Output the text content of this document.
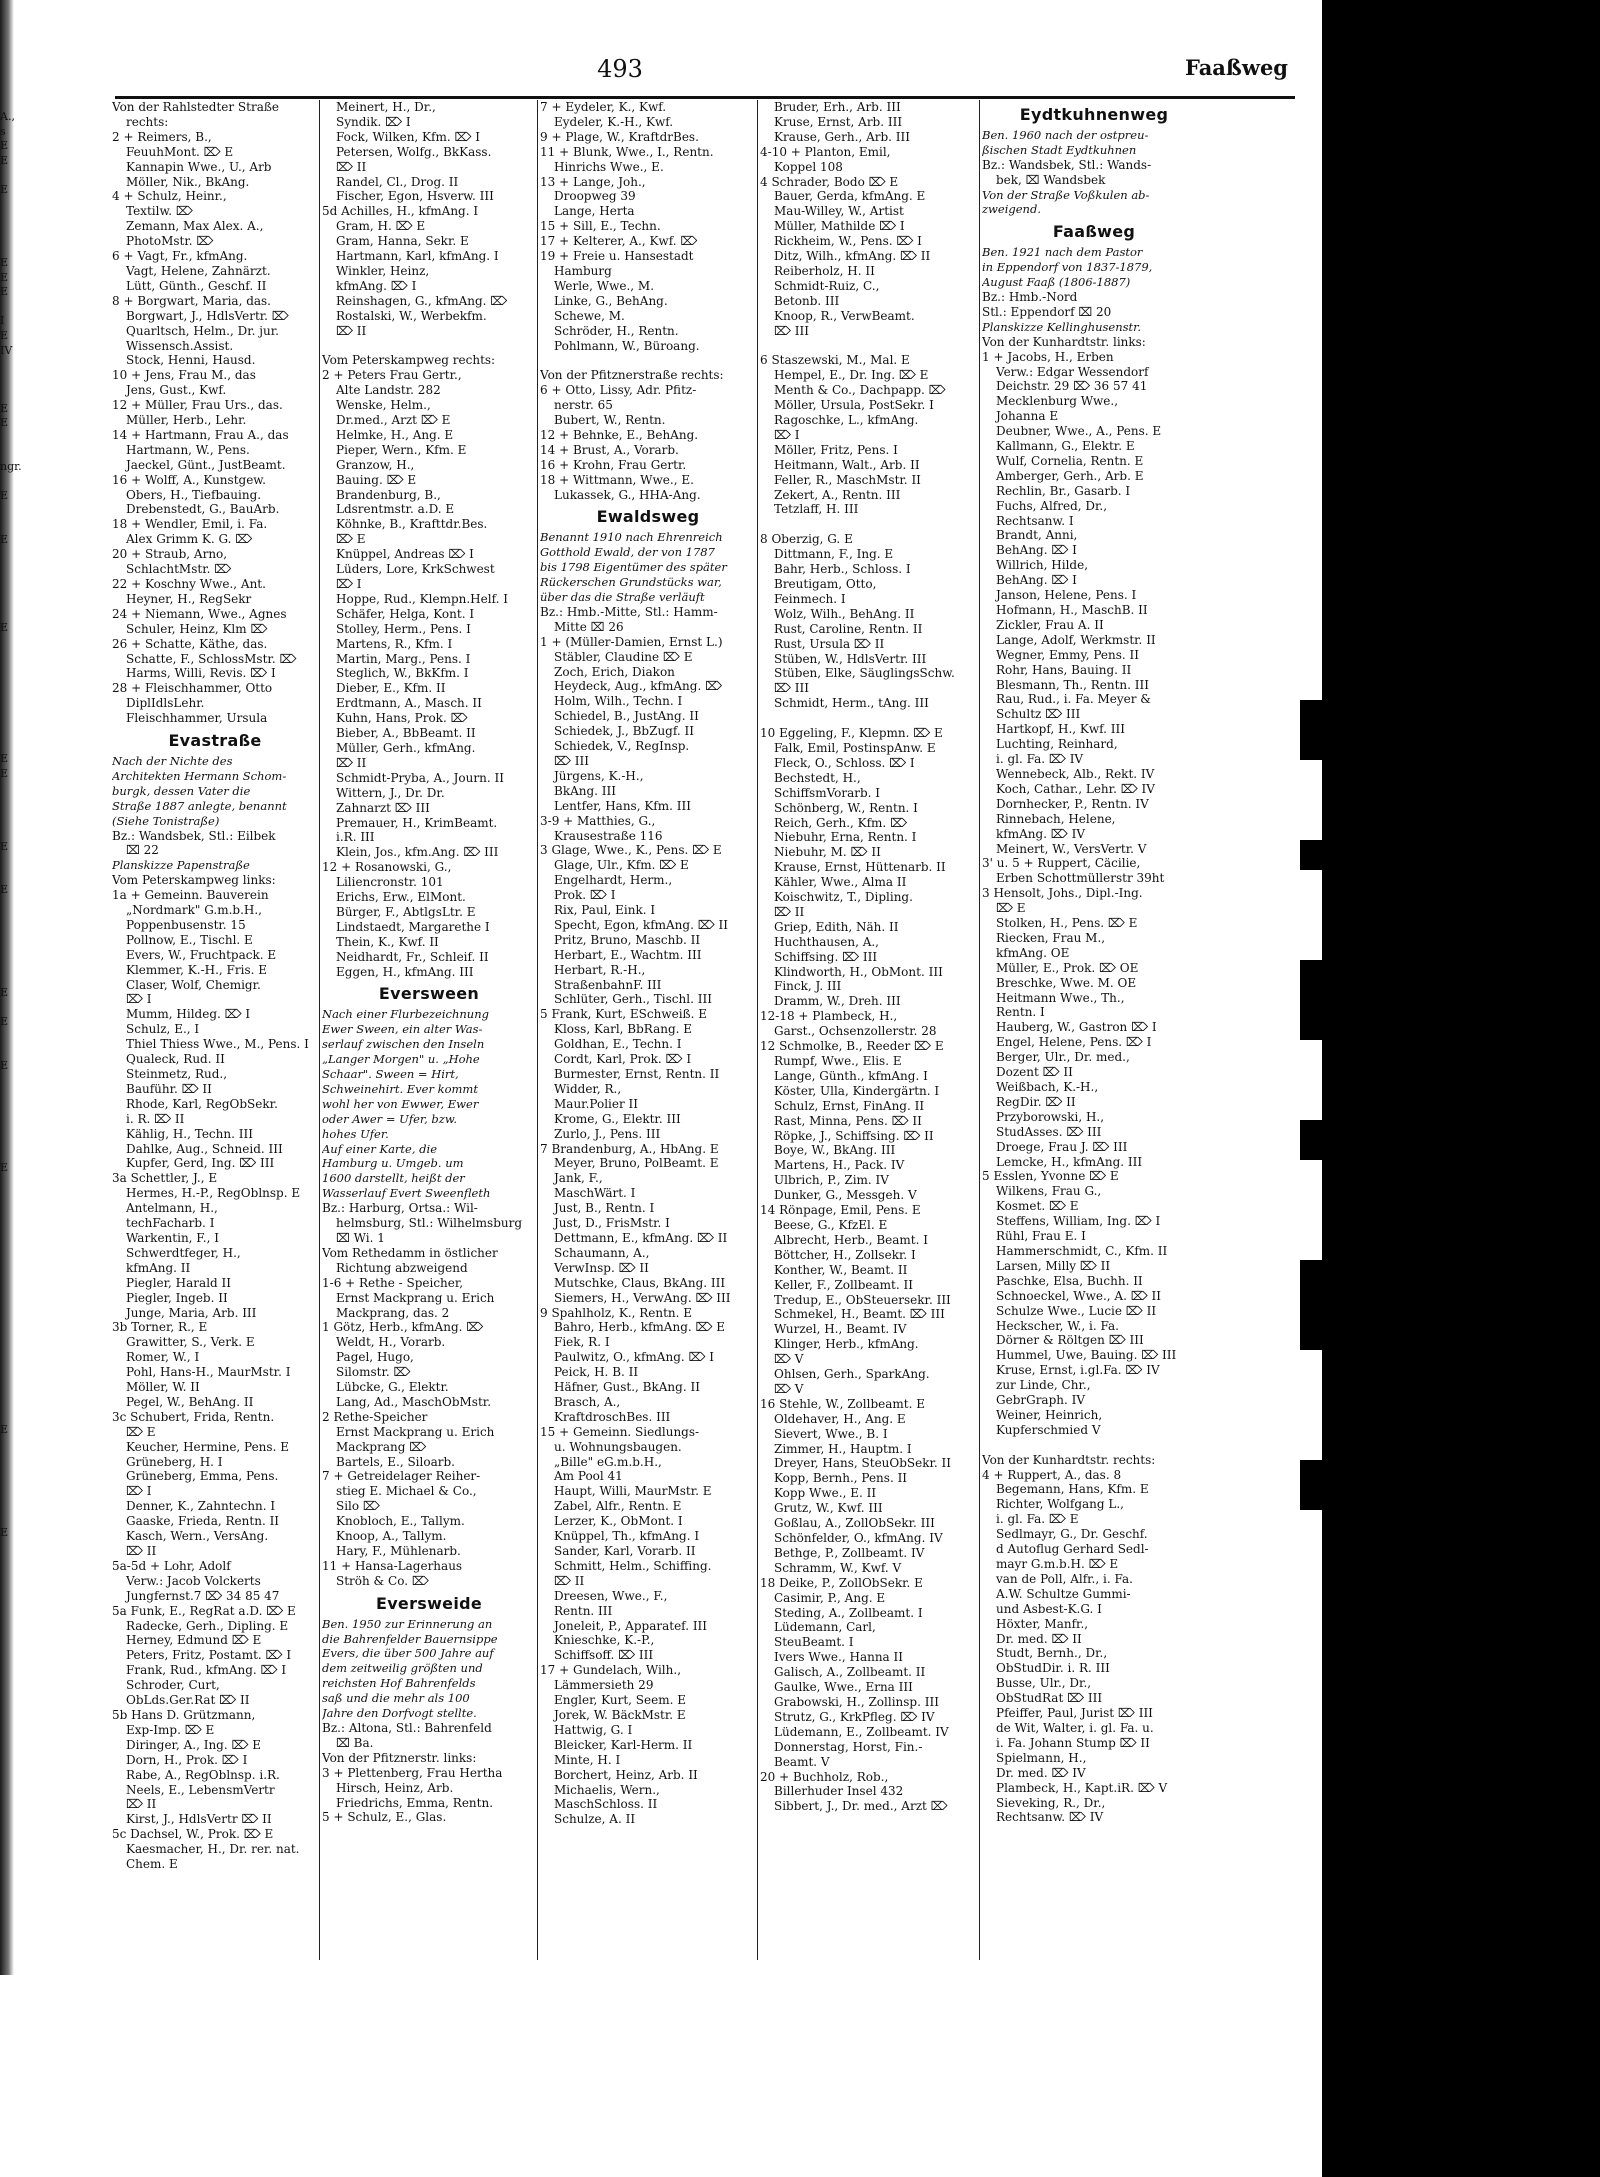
493	Faaßweg
A.,
s
E
E

E

E
E
E

I
E
IV

E
E

ngr.

E

E

E

E
E

E

E

E

E

E

E

E

E

Von der Rahlstedter Straße
rechts:
2 + Reimers, B.,
FeuuhMont. ⌦ E
Kannapin Wwe., U., Arb
Möller, Nik., BkAng.
4 + Schulz, Heinr.,
Textilw. ⌦
Zemann, Max Alex. A.,
PhotoMstr. ⌦
6 + Vagt, Fr., kfmAng.
Vagt, Helene, Zahnärzt.
Lütt, Günth., Geschf. II
8 + Borgwart, Maria, das.
Borgwart, J., HdlsVertr. ⌦
Quarltsch, Helm., Dr. jur.
Wissensch.Assist.
Stock, Henni, Hausd.
10 + Jens, Frau M., das
Jens, Gust., Kwf.
12 + Müller, Frau Urs., das.
Müller, Herb., Lehr.
14 + Hartmann, Frau A., das
Hartmann, W., Pens.
Jaeckel, Günt., JustBeamt.
16 + Wolff, A., Kunstgew.
Obers, H., Tiefbauing.
Drebenstedt, G., BauArb.
18 + Wendler, Emil, i. Fa.
Alex Grimm K. G. ⌦
20 + Straub, Arno,
SchlachtMstr. ⌦
22 + Koschny Wwe., Ant.
Heyner, H., RegSekr
24 + Niemann, Wwe., Agnes
Schuler, Heinz, Klm ⌦
26 + Schatte, Käthe, das.
Schatte, F., SchlossMstr. ⌦
Harms, Willi, Revis. ⌦ I
28 + Fleischhammer, Otto
DiplIdlsLehr.
Fleischhammer, Ursula
Evastraße
Nach der Nichte des
Architekten Hermann Schom-
burgk, dessen Vater die
Straße 1887 anlegte, benannt
(Siehe Tonistraße)
Bz.: Wandsbek, Stl.: Eilbek
⌧ 22
Planskizze Papenstraße
Vom Peterskampweg links:
1a + Gemeinn. Bauverein
„Nordmark" G.m.b.H.,
Poppenbusenstr. 15
Pollnow, E., Tischl. E
Evers, W., Fruchtpack. E
Klemmer, K.-H., Fris. E
Claser, Wolf, Chemigr.
⌦ I
Mumm, Hildeg. ⌦ I
Schulz, E., I
Thiel Thiess Wwe., M., Pens. I
Qualeck, Rud. II
Steinmetz, Rud.,
Bauführ. ⌦ II
Rhode, Karl, RegObSekr.
i. R. ⌦ II
Kählig, H., Techn. III
Dahlke, Aug., Schneid. III
Kupfer, Gerd, Ing. ⌦ III
3a Schettler, J., E
Hermes, H.-P., RegOblnsp. E
Antelmann, H.,
techFacharb. I
Warkentin, F., I
Schwerdtfeger, H.,
kfmAng. II
Piegler, Harald II
Piegler, Ingeb. II
Junge, Maria, Arb. III
3b Torner, R., E
Grawitter, S., Verk. E
Romer, W., I
Pohl, Hans-H., MaurMstr. I
Möller, W. II
Pegel, W., BehAng. II
3c Schubert, Frida, Rentn.
⌦ E
Keucher, Hermine, Pens. E
Grüneberg, H. I
Grüneberg, Emma, Pens.
⌦ I
Denner, K., Zahntechn. I
Gaaske, Frieda, Rentn. II
Kasch, Wern., VersAng.
⌦ II
5a-5d + Lohr, Adolf
Verw.: Jacob Volckerts
Jungfernst.7 ⌦ 34 85 47
5a Funk, E., RegRat a.D. ⌦ E
Radecke, Gerh., Dipling. E
Herney, Edmund ⌦ E
Peters, Fritz, Postamt. ⌦ I
Frank, Rud., kfmAng. ⌦ I
Schroder, Curt,
ObLds.Ger.Rat ⌦ II
5b Hans D. Grützmann,
Exp-Imp. ⌦ E
Diringer, A., Ing. ⌦ E
Dorn, H., Prok. ⌦ I
Rabe, A., RegOblnsp. i.R.
Neels, E., LebensmVertr
⌦ II
Kirst, J., HdlsVertr ⌦ II
5c Dachsel, W., Prok. ⌦ E
Kaesmacher, H., Dr. rer. nat.
Chem. E
Meinert, H., Dr.,
Syndik. ⌦ I
Fock, Wilken, Kfm. ⌦ I
Petersen, Wolfg., BkKass.
⌦ II
Randel, Cl., Drog. II
Fischer, Egon, Hsverw. III
5d Achilles, H., kfmAng. I
Gram, H. ⌦ E
Gram, Hanna, Sekr. E
Hartmann, Karl, kfmAng. I
Winkler, Heinz,
kfmAng. ⌦ I
Reinshagen, G., kfmAng. ⌦
Rostalski, W., Werbekfm.
⌦ II

Vom Peterskampweg rechts:
2 + Peters Frau Gertr.,
Alte Landstr. 282
Wenske, Helm.,
Dr.med., Arzt ⌦ E
Helmke, H., Ang. E
Pieper, Wern., Kfm. E
Granzow, H.,
Bauing. ⌦ E
Brandenburg, B.,
Ldsrentmstr. a.D. E
Köhnke, B., Krafttdr.Bes.
⌦ E
Knüppel, Andreas ⌦ I
Lüders, Lore, KrkSchwest
⌦ I
Hoppe, Rud., Klempn.Helf. I
Schäfer, Helga, Kont. I
Stolley, Herm., Pens. I
Martens, R., Kfm. I
Martin, Marg., Pens. I
Steglich, W., BkKfm. I
Dieber, E., Kfm. II
Erdtmann, A., Masch. II
Kuhn, Hans, Prok. ⌦
Bieber, A., BbBeamt. II
Müller, Gerh., kfmAng.
⌦ II
Schmidt-Pryba, A., Journ. II
Wittern, J., Dr. Dr.
Zahnarzt ⌦ III
Premauer, H., KrimBeamt.
i.R. III
Klein, Jos., kfm.Ang. ⌦ III
12 + Rosanowski, G.,
Liliencronstr. 101
Erichs, Erw., ElMont.
Bürger, F., AbtlgsLtr. E
Lindstaedt, Margarethe I
Thein, K., Kwf. II
Neidhardt, Fr., Schleif. II
Eggen, H., kfmAng. III
Eversween
Nach einer Flurbezeichnung
Ewer Sween, ein alter Was-
serlauf zwischen den Inseln
„Langer Morgen" u. „Hohe
Schaar". Sween = Hirt,
Schweinehirt. Ever kommt
wohl her von Ewwer, Ewer
oder Awer = Ufer, bzw.
hohes Ufer.
Auf einer Karte, die
Hamburg u. Umgeb. um
1600 darstellt, heißt der
Wasserlauf Evert Sweenfleth
Bz.: Harburg, Ortsa.: Wil-
helmsburg, Stl.: Wilhelmsburg
⌧ Wi. 1
Vom Rethedamm in östlicher
Richtung abzweigend
1-6 + Rethe - Speicher,
Ernst Mackprang u. Erich
Mackprang, das. 2
1 Götz, Herb., kfmAng. ⌦
Weldt, H., Vorarb.
Pagel, Hugo,
Silomstr. ⌦
Lübcke, G., Elektr.
Lang, Ad., MaschObMstr.
2 Rethe-Speicher
Ernst Mackprang u. Erich
Mackprang ⌦
Bartels, E., Siloarb.
7 + Getreidelager Reiher-
stieg E. Michael & Co.,
Silo ⌦
Knobloch, E., Tallym.
Knoop, A., Tallym.
Hary, F., Mühlenarb.
11 + Hansa-Lagerhaus
Ströh & Co. ⌦
Eversweide
Ben. 1950 zur Erinnerung an
die Bahrenfelder Bauernsippe
Evers, die über 500 Jahre auf
dem zeitweilig größten und
reichsten Hof Bahrenfelds
saß und die mehr als 100
Jahre den Dorfvogt stellte.
Bz.: Altona, Stl.: Bahrenfeld
⌧ Ba.
Von der Pfitznerstr. links:
3 + Plettenberg, Frau Hertha
Hirsch, Heinz, Arb.
Friedrichs, Emma, Rentn.
5 + Schulz, E., Glas.
7 + Eydeler, K., Kwf.
Eydeler, K.-H., Kwf.
9 + Plage, W., KraftdrBes.
11 + Blunk, Wwe., I., Rentn.
Hinrichs Wwe., E.
13 + Lange, Joh.,
Droopweg 39
Lange, Herta
15 + Sill, E., Techn.
17 + Kelterer, A., Kwf. ⌦
19 + Freie u. Hansestadt
Hamburg
Werle, Wwe., M.
Linke, G., BehAng.
Schewe, M.
Schröder, H., Rentn.
Pohlmann, W., Büroang.

Von der Pfitznerstraße rechts:
6 + Otto, Lissy, Adr. Pfitz-
nerstr. 65
Bubert, W., Rentn.
12 + Behnke, E., BehAng.
14 + Brust, A., Vorarb.
16 + Krohn, Frau Gertr.
18 + Wittmann, Wwe., E.
Lukassek, G., HHA-Ang.
Ewaldsweg
Benannt 1910 nach Ehrenreich
Gotthold Ewald, der von 1787
bis 1798 Eigentümer des später
Rückerschen Grundstücks war,
über das die Straße verläuft
Bz.: Hmb.-Mitte, Stl.: Hamm-
Mitte ⌧ 26
1 + (Müller-Damien, Ernst L.)
Stäbler, Claudine ⌦ E
Zoch, Erich, Diakon
Heydeck, Aug., kfmAng. ⌦
Holm, Wilh., Techn. I
Schiedel, B., JustAng. II
Schiedek, J., BbZugf. II
Schiedek, V., RegInsp.
⌦ III
Jürgens, K.-H.,
BkAng. III
Lentfer, Hans, Kfm. III
3-9 + Matthies, G.,
Krausestraße 116
3 Glage, Wwe., K., Pens. ⌦ E
Glage, Ulr., Kfm. ⌦ E
Engelhardt, Herm.,
Prok. ⌦ I
Rix, Paul, Eink. I
Specht, Egon, kfmAng. ⌦ II
Pritz, Bruno, Maschb. II
Herbart, E., Wachtm. III
Herbart, R.-H.,
StraßenbahnF. III
Schlüter, Gerh., Tischl. III
5 Frank, Kurt, ESchweiß. E
Kloss, Karl, BbRang. E
Goldhan, E., Techn. I
Cordt, Karl, Prok. ⌦ I
Burmester, Ernst, Rentn. II
Widder, R.,
Maur.Polier II
Krome, G., Elektr. III
Zurlo, J., Pens. III
7 Brandenburg, A., HbAng. E
Meyer, Bruno, PolBeamt. E
Jank, F.,
MaschWärt. I
Just, B., Rentn. I
Just, D., FrisMstr. I
Dettmann, E., kfmAng. ⌦ II
Schaumann, A.,
VerwInsp. ⌦ II
Mutschke, Claus, BkAng. III
Siemers, H., VerwAng. ⌦ III
9 Spahlholz, K., Rentn. E
Bahro, Herb., kfmAng. ⌦ E
Fiek, R. I
Paulwitz, O., kfmAng. ⌦ I
Peick, H. B. II
Häfner, Gust., BkAng. II
Brasch, A.,
KraftdroschBes. III
15 + Gemeinn. Siedlungs-
u. Wohnungsbaugen.
„Bille" eG.m.b.H.,
Am Pool 41
Haupt, Willi, MaurMstr. E
Zabel, Alfr., Rentn. E
Lerzer, K., ObMont. I
Knüppel, Th., kfmAng. I
Sander, Karl, Vorarb. II
Schmitt, Helm., Schiffing.
⌦ II
Dreesen, Wwe., F.,
Rentn. III
Joneleit, P., Apparatef. III
Knieschke, K.-P.,
Schiffsoff. ⌦ III
17 + Gundelach, Wilh.,
Lämmersieth 29
Engler, Kurt, Seem. E
Jorek, W. BäckMstr. E
Hattwig, G. I
Bleicker, Karl-Herm. II
Minte, H. I
Borchert, Heinz, Arb. II
Michaelis, Wern.,
MaschSchloss. II
Schulze, A. II
Bruder, Erh., Arb. III
Kruse, Ernst, Arb. III
Krause, Gerh., Arb. III
4-10 + Planton, Emil,
Koppel 108
4 Schrader, Bodo ⌦ E
Bauer, Gerda, kfmAng. E
Mau-Willey, W., Artist
Müller, Mathilde ⌦ I
Rickheim, W., Pens. ⌦ I
Ditz, Wilh., kfmAng. ⌦ II
Reiberholz, H. II
Schmidt-Ruiz, C.,
Betonb. III
Knoop, R., VerwBeamt.
⌦ III

6 Staszewski, M., Mal. E
Hempel, E., Dr. Ing. ⌦ E
Menth & Co., Dachpapp. ⌦
Möller, Ursula, PostSekr. I
Ragoschke, L., kfmAng.
⌦ I
Möller, Fritz, Pens. I
Heitmann, Walt., Arb. II
Feller, R., MaschMstr. II
Zekert, A., Rentn. III
Tetzlaff, H. III

8 Oberzig, G. E
Dittmann, F., Ing. E
Bahr, Herb., Schloss. I
Breutigam, Otto,
Feinmech. I
Wolz, Wilh., BehAng. II
Rust, Caroline, Rentn. II
Rust, Ursula ⌦ II
Stüben, W., HdlsVertr. III
Stüben, Elke, SäuglingsSchw.
⌦ III
Schmidt, Herm., tAng. III

10 Eggeling, F., Klepmn. ⌦ E
Falk, Emil, PostinspAnw. E
Fleck, O., Schloss. ⌦ I
Bechstedt, H.,
SchiffsmVorarb. I
Schönberg, W., Rentn. I
Reich, Gerh., Kfm. ⌦
Niebuhr, Erna, Rentn. I
Niebuhr, M. ⌦ II
Krause, Ernst, Hüttenarb. II
Kähler, Wwe., Alma II
Koischwitz, T., Dipling.
⌦ II
Griep, Edith, Näh. II
Huchthausen, A.,
Schiffsing. ⌦ III
Klindworth, H., ObMont. III
Finck, J. III
Dramm, W., Dreh. III
12-18 + Plambeck, H.,
Garst., Ochsenzollerstr. 28
12 Schmolke, B., Reeder ⌦ E
Rumpf, Wwe., Elis. E
Lange, Günth., kfmAng. I
Köster, Ulla, Kindergärtn. I
Schulz, Ernst, FinAng. II
Rast, Minna, Pens. ⌦ II
Röpke, J., Schiffsing. ⌦ II
Boye, W., BkAng. III
Martens, H., Pack. IV
Ulbrich, P., Zim. IV
Dunker, G., Messgeh. V
14 Rönpage, Emil, Pens. E
Beese, G., KfzEl. E
Albrecht, Herb., Beamt. I
Böttcher, H., Zollsekr. I
Konther, W., Beamt. II
Keller, F., Zollbeamt. II
Tredup, E., ObSteuersekr. III
Schmekel, H., Beamt. ⌦ III
Wurzel, H., Beamt. IV
Klinger, Herb., kfmAng.
⌦ V
Ohlsen, Gerh., SparkAng.
⌦ V
16 Stehle, W., Zollbeamt. E
Oldehaver, H., Ang. E
Sievert, Wwe., B. I
Zimmer, H., Hauptm. I
Dreyer, Hans, SteuObSekr. II
Kopp, Bernh., Pens. II
Kopp Wwe., E. II
Grutz, W., Kwf. III
Goßlau, A., ZollObSekr. III
Schönfelder, O., kfmAng. IV
Bethge, P., Zollbeamt. IV
Schramm, W., Kwf. V
18 Deike, P., ZollObSekr. E
Casimir, P., Ang. E
Steding, A., Zollbeamt. I
Lüdemann, Carl,
SteuBeamt. I
Ivers Wwe., Hanna II
Galisch, A., Zollbeamt. II
Gaulke, Wwe., Erna III
Grabowski, H., Zollinsp. III
Strutz, G., KrkPfleg. ⌦ IV
Lüdemann, E., Zollbeamt. IV
Donnerstag, Horst, Fin.-
Beamt. V
20 + Buchholz, Rob.,
Billerhuder Insel 432
Sibbert, J., Dr. med., Arzt ⌦
Eydtkuhnenweg
Ben. 1960 nach der ostpreu-
ßischen Stadt Eydtkuhnen
Bz.: Wandsbek, Stl.: Wands-
bek, ⌧ Wandsbek
Von der Straße Voßkulen ab-
zweigend.
Faaßweg
Ben. 1921 nach dem Pastor
in Eppendorf von 1837-1879,
August Faaß (1806-1887)
Bz.: Hmb.-Nord
Stl.: Eppendorf ⌧ 20
Planskizze Kellinghusenstr.
Von der Kunhardtstr. links:
1 + Jacobs, H., Erben
Verw.: Edgar Wessendorf
Deichstr. 29 ⌦ 36 57 41
Mecklenburg Wwe.,
Johanna E
Deubner, Wwe., A., Pens. E
Kallmann, G., Elektr. E
Wulf, Cornelia, Rentn. E
Amberger, Gerh., Arb. E
Rechlin, Br., Gasarb. I
Fuchs, Alfred, Dr.,
Rechtsanw. I
Brandt, Anni,
BehAng. ⌦ I
Willrich, Hilde,
BehAng. ⌦ I
Janson, Helene, Pens. I
Hofmann, H., MaschB. II
Zickler, Frau A. II
Lange, Adolf, Werkmstr. II
Wegner, Emmy, Pens. II
Rohr, Hans, Bauing. II
Blesmann, Th., Rentn. III
Rau, Rud., i. Fa. Meyer &
Schultz ⌦ III
Hartkopf, H., Kwf. III
Luchting, Reinhard,
i. gl. Fa. ⌦ IV
Wennebeck, Alb., Rekt. IV
Koch, Cathar., Lehr. ⌦ IV
Dornhecker, P., Rentn. IV
Rinnebach, Helene,
kfmAng. ⌦ IV
Meinert, W., VersVertr. V
3' u. 5 + Ruppert, Cäcilie,
Erben Schottmüllerstr 39ht
3 Hensolt, Johs., Dipl.-Ing.
⌦ E
Stolken, H., Pens. ⌦ E
Riecken, Frau M.,
kfmAng. OE
Müller, E., Prok. ⌦ OE
Breschke, Wwe. M. OE
Heitmann Wwe., Th.,
Rentn. I
Hauberg, W., Gastron ⌦ I
Engel, Helene, Pens. ⌦ I
Berger, Ulr., Dr. med.,
Dozent ⌦ II
Weißbach, K.-H.,
RegDir. ⌦ II
Przyborowski, H.,
StudAsses. ⌦ III
Droege, Frau J. ⌦ III
Lemcke, H., kfmAng. III
5 Esslen, Yvonne ⌦ E
Wilkens, Frau G.,
Kosmet. ⌦ E
Steffens, William, Ing. ⌦ I
Rühl, Frau E. I
Hammerschmidt, C., Kfm. II
Larsen, Milly ⌦ II
Paschke, Elsa, Buchh. II
Schnoeckel, Wwe., A. ⌦ II
Schulze Wwe., Lucie ⌦ II
Heckscher, W., i. Fa.
Dörner & Röltgen ⌦ III
Hummel, Uwe, Bauing. ⌦ III
Kruse, Ernst, i.gl.Fa. ⌦ IV
zur Linde, Chr.,
GebrGraph. IV
Weiner, Heinrich,
Kupferschmied V

Von der Kunhardtstr. rechts:
4 + Ruppert, A., das. 8
Begemann, Hans, Kfm. E
Richter, Wolfgang L.,
i. gl. Fa. ⌦ E
Sedlmayr, G., Dr. Geschf.
d Autoflug Gerhard Sedl-
mayr G.m.b.H. ⌦ E
van de Poll, Alfr., i. Fa.
A.W. Schultze Gummi-
und Asbest-K.G. I
Höxter, Manfr.,
Dr. med. ⌦ II
Studt, Bernh., Dr.,
ObStudDir. i. R. III
Busse, Ulr., Dr.,
ObStudRat ⌦ III
Pfeiffer, Paul, Jurist ⌦ III
de Wit, Walter, i. gl. Fa. u.
i. Fa. Johann Stump ⌦ II
Spielmann, H.,
Dr. med. ⌦ IV
Plambeck, H., Kapt.iR. ⌦ V
Sieveking, R., Dr.,
Rechtsanw. ⌦ IV
